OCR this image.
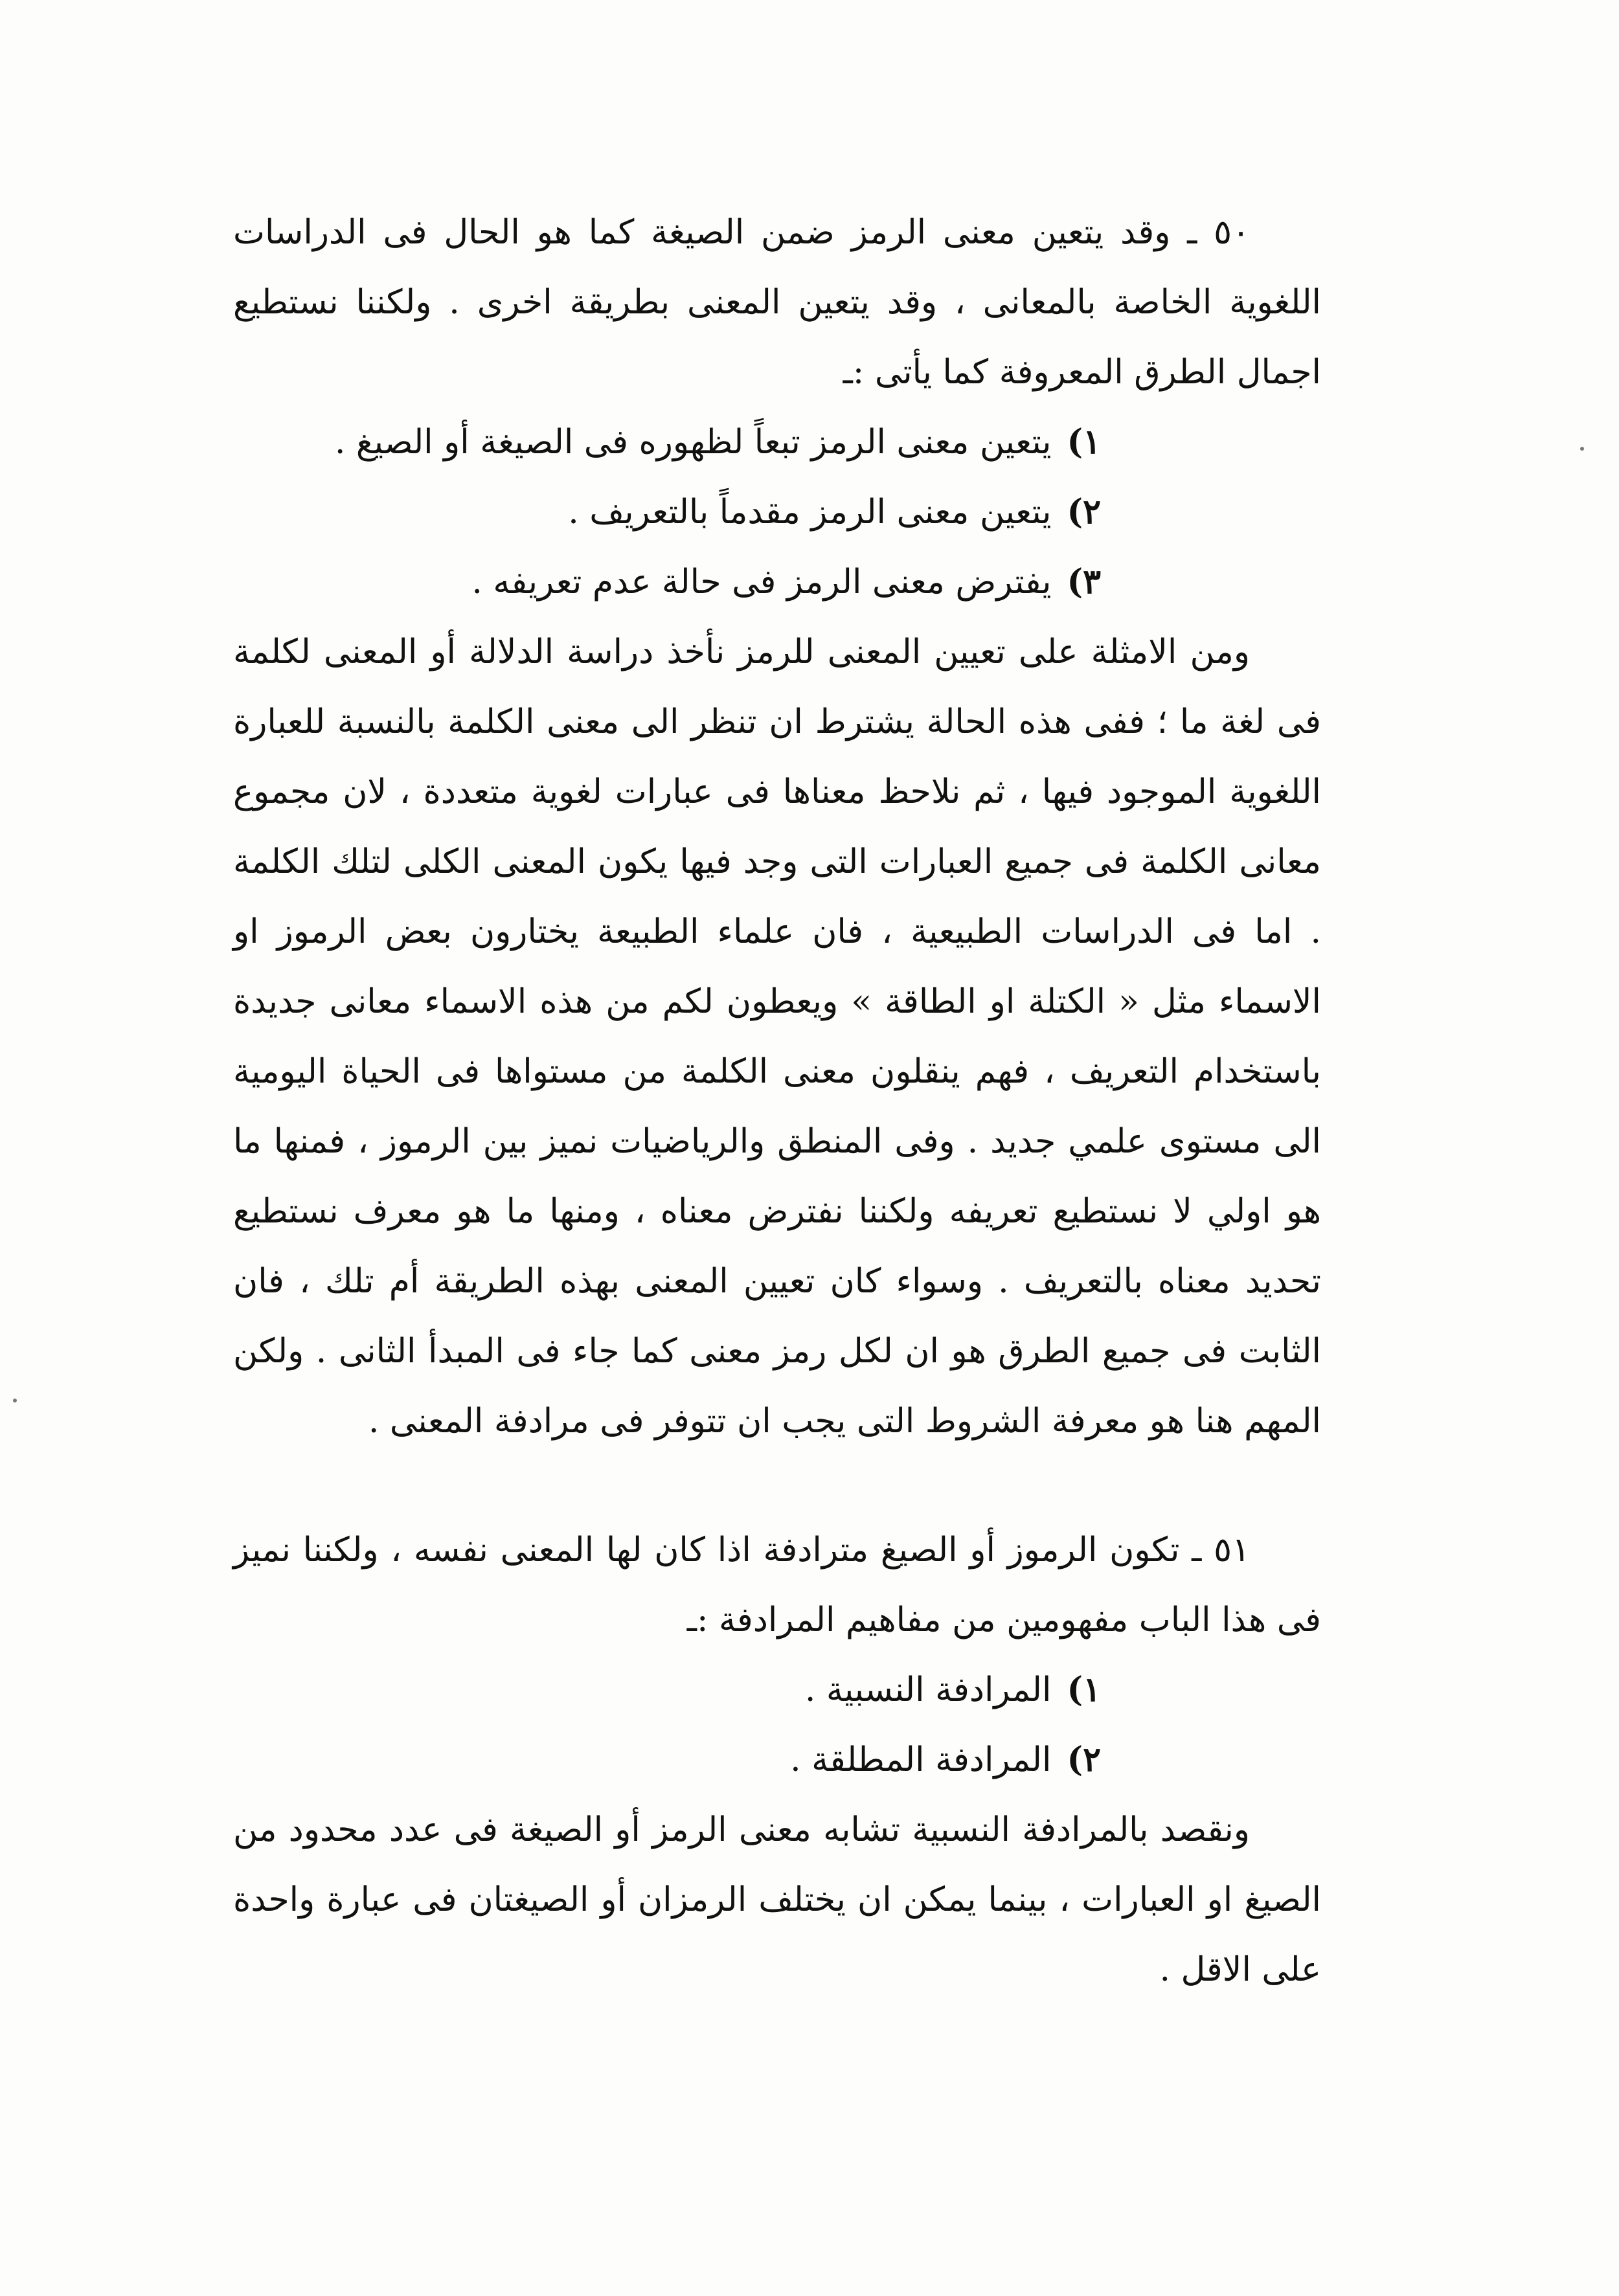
٥٠ ـ وقد يتعين معنى الرمز ضمن الصيغة كما هو الحال فى الدراسات اللغوية الخاصة بالمعانى ، وقد يتعين المعنى بطريقة اخرى . ولكننا نستطيع اجمال الطرق المعروفة كما يأتى :ـ

١) يتعين معنى الرمز تبعاً لظهوره فى الصيغة أو الصيغ .

٢) يتعين معنى الرمز مقدماً بالتعريف .

٣) يفترض معنى الرمز فى حالة عدم تعريفه .

ومن الامثلة على تعيين المعنى للرمز نأخذ دراسة الدلالة أو المعنى لكلمة فى لغة ما ؛ ففى هذه الحالة يشترط ان تنظر الى معنى الكلمة بالنسبة للعبارة اللغوية الموجود فيها ، ثم نلاحظ معناها فى عبارات لغوية متعددة ، لان مجموع معانى الكلمة فى جميع العبارات التى وجد فيها يكون المعنى الكلى لتلك الكلمة . اما فى الدراسات الطبيعية ، فان علماء الطبيعة يختارون بعض الرموز او الاسماء مثل « الكتلة او الطاقة » ويعطون لكم من هذه الاسماء معانى جديدة باستخدام التعريف ، فهم ينقلون معنى الكلمة من مستواها فى الحياة اليومية الى مستوى علمي جديد . وفى المنطق والرياضيات نميز بين الرموز ، فمنها ما هو اولي لا نستطيع تعريفه ولكننا نفترض معناه ، ومنها ما هو معرف نستطيع تحديد معناه بالتعريف . وسواء كان تعيين المعنى بهذه الطريقة أم تلك ، فان الثابت فى جميع الطرق هو ان لكل رمز معنى كما جاء فى المبدأ الثانى . ولكن المهم هنا هو معرفة الشروط التى يجب ان تتوفر فى مرادفة المعنى .

٥١ ـ تكون الرموز أو الصيغ مترادفة اذا كان لها المعنى نفسه ، ولكننا نميز فى هذا الباب مفهومين من مفاهيم المرادفة :ـ

١) المرادفة النسبية .

٢) المرادفة المطلقة .

ونقصد بالمرادفة النسبية تشابه معنى الرمز أو الصيغة فى عدد محدود من الصيغ او العبارات ، بينما يمكن ان يختلف الرمزان أو الصيغتان فى عبارة واحدة على الاقل .
